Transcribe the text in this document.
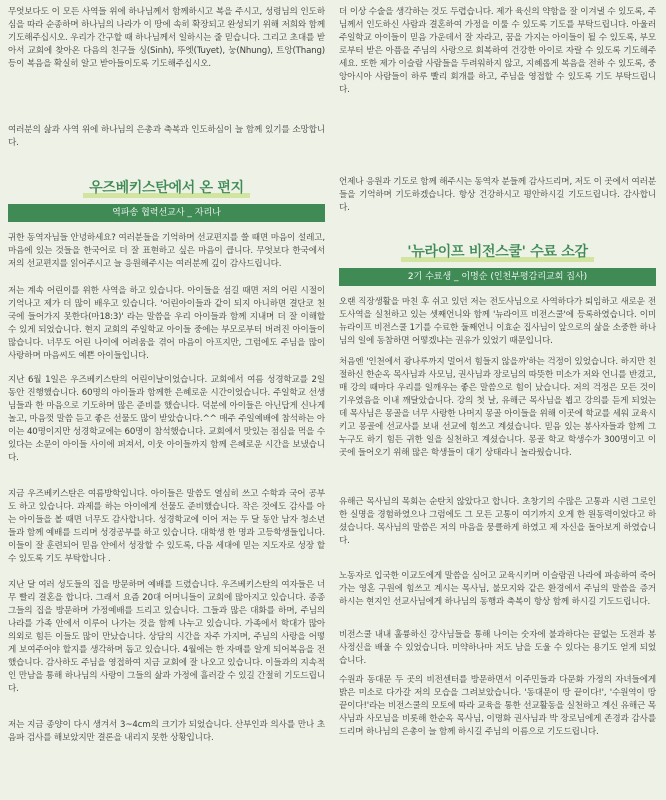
무엇보다도 이 모든 사역들 위에 하나님께서 함께하시고 복을 주시고, 성령님의 인도하심을 따라 순종하며 하나님의 나라가 이 땅에 속히 확장되고 완성되기 위해 저희와 함께 기도해주십시오. 우리가 간구할 때 하나님께서 일하시는 줄 믿습니다. 그리고 초대를 받아서 교회에 찾아온 다음의 친구들 싱(Sinh), 뚜엣(Tuyet), 눙(Nhung), 트앙(Thang) 등이 복음을 확실히 알고 받아들이도록 기도해주십시오.

여러분의 삶과 사역 위에 하나님의 은총과 축복과 인도하심이 늘 함께 있기를 소망합니다.

우즈베키스탄에서 온 편지
역파송 협력선교사 _ 자리나

귀한 동역자님들 안녕하세요? 여러분들을 기억하며 선교편지를 쓸 때면 마음이 설레고, 마음에 있는 것들을 한국어로 더 잘 표현하고 싶은 마음이 큽니다. 무엇보다 한국에서 저의 선교편지를 읽어주시고 늘 응원해주시는 여러분께 깊이 감사드립니다.

저는 계속 어린이를 위한 사역을 하고 있습니다. 아이들을 섬길 때면 저의 어린 시절이 기억나고 제가 더 많이 배우고 있습니다. '어린아이들과 같이 되지 아니하면 결단코 천국에 들어가지 못한다(마18:3)' 라는 말씀을 우리 아이들과 함께 지내며 더 잘 이해할 수 있게 되었습니다. 현지 교회의 주일학교 아이들 중에는 부모로부터 버려진 아이들이 많습니다. 너무도 어린 나이에 어려움을 겪어 마음이 아프지만, 그럼에도 주님을 많이 사랑하며 마음씨도 예쁜 아이들입니다.

지난 6월 1일은 우즈베키스탄의 어린이날이었습니다. 교회에서 여름 성경학교를 2일 동안 진행했습니다. 60명의 아이들과 함께한 은혜로운 시간이었습니다. 주일학교 선생님들과 한 마음으로 기도하며 많은 준비를 했습니다. 덕분에 아이들은 아닌답게 신나게 놀고, 마음껏 말씀 듣고 좋은 선물도 많이 받았습니다.^^ 매주 주일예배에 참석하는 아이는 40명이지만 성경학교에는 60명이 참석했습니다. 교회에서 맛있는 점심을 먹을 수 있다는 소문이 아이들 사이에 퍼져서, 이웃 아이들까지 함께 은혜로운 시간을 보냈습니다.

지금 우즈베키스탄은 여름방학입니다. 아이들은 말씀도 열심히 쓰고 수학과 국어 공부도 하고 있습니다. 과제를 하는 아이에게 선물도 준비했습니다. 작은 것에도 감사를 아는 아이들을 볼 때면 너무도 감사합니다. 성경학교에 이어 저는 두 달 동안 남자 청소년들과 함께 예배를 드리며 성경공부를 하고 있습니다. 대학생 한 명과 고등학생들입니다. 이들이 잘 훈련되어 믿음 안에서 성장할 수 있도록, 다음 세대에 믿는 지도자로 성장 할 수 있도록 기도 부탁합니다 .

지난 달 여러 성도들의 집을 방문하며 예배를 드렸습니다. 우즈베키스탄의 여자들은 너무 빨리 결혼을 합니다. 그래서 요즘 20대 어머니들이 교회에 많아지고 있습니다. 종종 그들의 집을 방문하며 가정예배를 드리고 있습니다. 그들과 많은 대화를 하며, 주님의 나라를 가족 안에서 이루어 나가는 것을 함께 나누고 있습니다. 가족에서 학대가 많아 의외로 힘든 이들도 많이 만났습니다. 상담의 시간을 자주 가지며, 주님의 사랑을 어떻게 보여주어야 할지를 생각하며 돕고 있습니다. 4월에는 한 자매를 알게 되어복음을 전했습니다. 감사하도 주님을 영접하여 지금 교회에 잘 나오고 있습니다. 이들과의 지속적인 만남을 통해 하나님의 사랑이 그들의 삶과 가정에 흘러갈 수 있길 간절히 기도드립니다.

저는 지금 종양이 다시 생겨서 3~4cm의 크기가 되었습니다. 산부인과 의사를 만나 초음파 검사를 해보았지만 결론을 내리지 못한 상황입니다.

더 이상 수술을 생각하는 것도 두렵습니다. 제가 육신의 약함을 잘 이겨낼 수 있도록, 주님께서 인도하신 사람과 결혼하여 가정을 이룰 수 있도록 기도를 부탁드립니다. 아울러 주일학교 아이들이 믿음 가운데서 잘 자라고, 꿈을 가지는 아이들이 될 수 있도록, 부모로부터 받은 아픔을 주님의 사랑으로 회복하여 건강한 아이로 자랄 수 있도록 기도해주세요. 또한 제가 이슬람 사람들을 두려워하지 않고, 지혜롭게 복음을 전하 수 있도록, 중앙아시아 사람들이 하루 빨리 회개를 하고, 주님을 영접할 수 있도록 기도 부탁드립니다.

언제나 응원과 기도로 함께 해주시는 동역자 분들께 감사드리며, 저도 이 곳에서 여러분들을 기억하며 기도하겠습니다. 항상 건강하시고 평안하시길 기도드립니다. 감사합니다.

'뉴라이프 비전스쿨' 수료 소감
2기 수료생 _ 이명순 (인천부평감리교회 집사)

오랜 직장생활을 마친 후 쉬고 있던 저는 전도사님으로 사역하다가 퇴임하고 새로운 전도사역을 실천하고 있는 셋째언니와 함께 '뉴라이프 비전스쿨'에 등록하였습니다. 이미 뉴라이프 비전스쿨 1기를 수료한 둘째언니 이효순 집사님이 앞으로의 삶을 소중한 하나님의 일에 동참하면 어떻겠냐는 권유가 있었기 때문입니다.

처음엔 '인천에서 광나루까지 멀어서 힘들지 않을까'하는 걱정이 있었습니다. 하지만 친절하신 한순옥 목사님과 사모님, 권사님과 장로님의 따뜻한 미소가 저와 언니를 반겼고, 매 강의 때마다 우리를 일깨우는 좋은 말씀으로 힘이 났습니다. 저의 걱정은 모든 것이 기우였음을 이내 깨달았습니다. 강의 첫 날, 유해근 목사님을 뵙고 강의를 듣게 되었는데 목사님은 몽골을 너무 사랑한 나머지 몽골 아이들을 위해 이곳에 학교를 세워 교육시키고 몽골에 선교사를 보내 선교에 힘쓰고 계셨습니다. 믿음 있는 봉사자들과 함께 그 누구도 하기 힘든 귀한 일을 실천하고 계셨습니다. 몽골 학교 학생수가 300명이고 이 곳에 들어오기 위해 많은 학생들이 대기 상태라니 놀라웠습니다.

유해근 목사님의 목회는 순탄치 않았다고 합니다. 초창기의 수많은 고통과 시련 그로인한 실명을 경험하였으나 그럼에도 그 모든 고통이 여기까지 오게 한 원동력이었다고 하셨습니다. 목사님의 말씀은 저의 마음을 뭉클하게 하였고 제 자신을 돌아보게 하였습니다.

노동자로 입국한 이교도에게 말씀을 심어고 교육시키며 이슬람권 나라에 파송하여 죽어가는 영혼 구원에 힘쓰고 계시는 목사님, 불모지와 같은 환경에서 주님의 말씀을 증거 하시는 현지인 선교사님에게 하나님의 동행과 축복이 항상 함께 하시길 기도드립니다.

비전스쿨 내내 훌륭하신 강사님들을 통해 나이는 숫자에 불과하다는 끝없는 도전과 봉사정신을 배울 수 있었습니다. 미약하나마 저도 남을 도울 수 있다는 용기도 얻게 되었습니다.

수원과 동대문 두 곳의 비전센터를 방문하면서 이주민들과 다문화 가정의 자녀들에게 밝은 미소로 다가갈 저의 모습을 그려보았습니다. '동대문이 땅 끝이다!', '수원역이 땅 끝이다!'라는 비전스쿨의 모토에 따라 교육을 통한 선교활동을 실천하고 계신 유해근 목사님과 사모님을 비롯해 한순옥 목사님, 이명화 권사님과 박 장로님에게 존경과 감사를 드리며 하나님의 은총이 늘 함께 하시길 주님의 이름으로 기도드립니다.
